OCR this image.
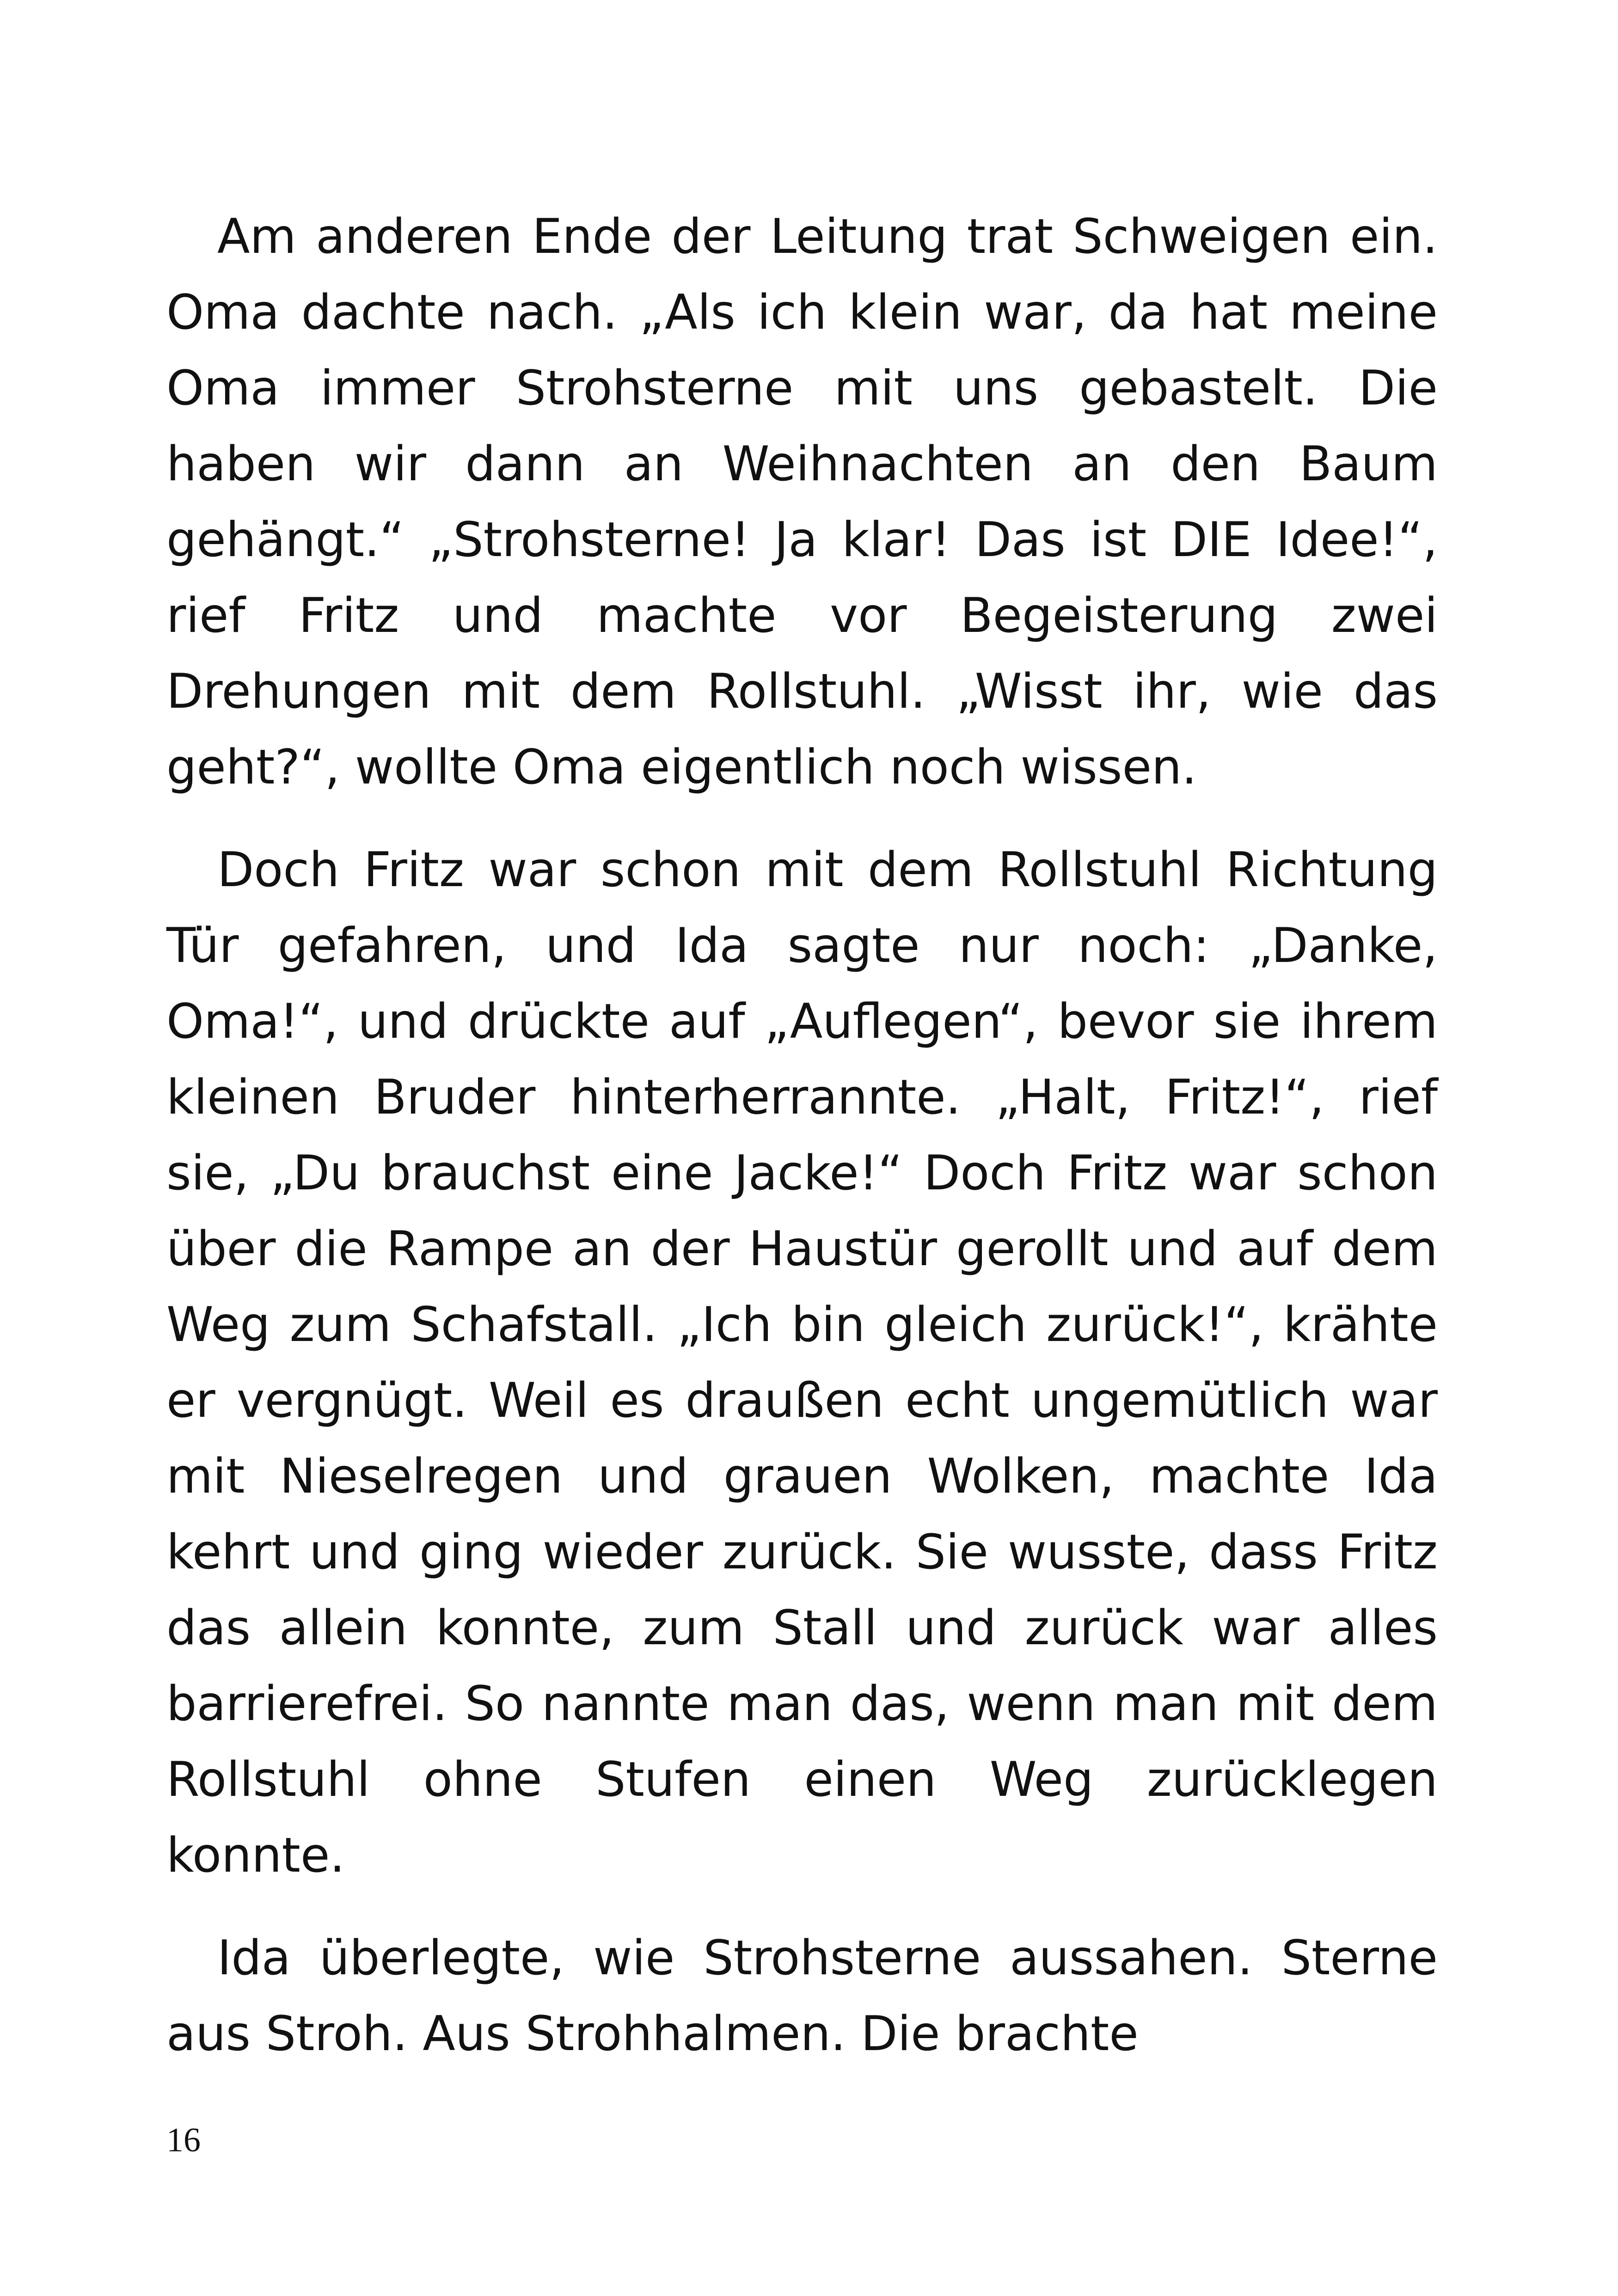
Am anderen Ende der Leitung trat Schweigen ein. Oma dachte nach. „Als ich klein war, da hat meine Oma immer Strohsterne mit uns gebastelt. Die haben wir dann an Weihnachten an den Baum gehängt.“ „Strohsterne! Ja klar! Das ist DIE Idee!“, rief Fritz und machte vor Begeisterung zwei Drehungen mit dem Rollstuhl. „Wisst ihr, wie das geht?“, wollte Oma eigentlich noch wissen.

Doch Fritz war schon mit dem Rollstuhl Richtung Tür gefahren, und Ida sagte nur noch: „Danke, Oma!“, und drückte auf „Auflegen“, bevor sie ihrem kleinen Bruder hinterherrannte. „Halt, Fritz!“, rief sie, „Du brauchst eine Jacke!“ Doch Fritz war schon über die Rampe an der Haustür gerollt und auf dem Weg zum Schafstall. „Ich bin gleich zurück!“, krähte er vergnügt. Weil es draußen echt ungemütlich war mit Nieselregen und grauen Wolken, machte Ida kehrt und ging wieder zurück. Sie wusste, dass Fritz das allein konnte, zum Stall und zurück war alles barrierefrei. So nannte man das, wenn man mit dem Rollstuhl ohne Stufen einen Weg zurücklegen konnte.

Ida überlegte, wie Strohsterne aussahen. Sterne aus Stroh. Aus Strohhalmen. Die brachte

16
